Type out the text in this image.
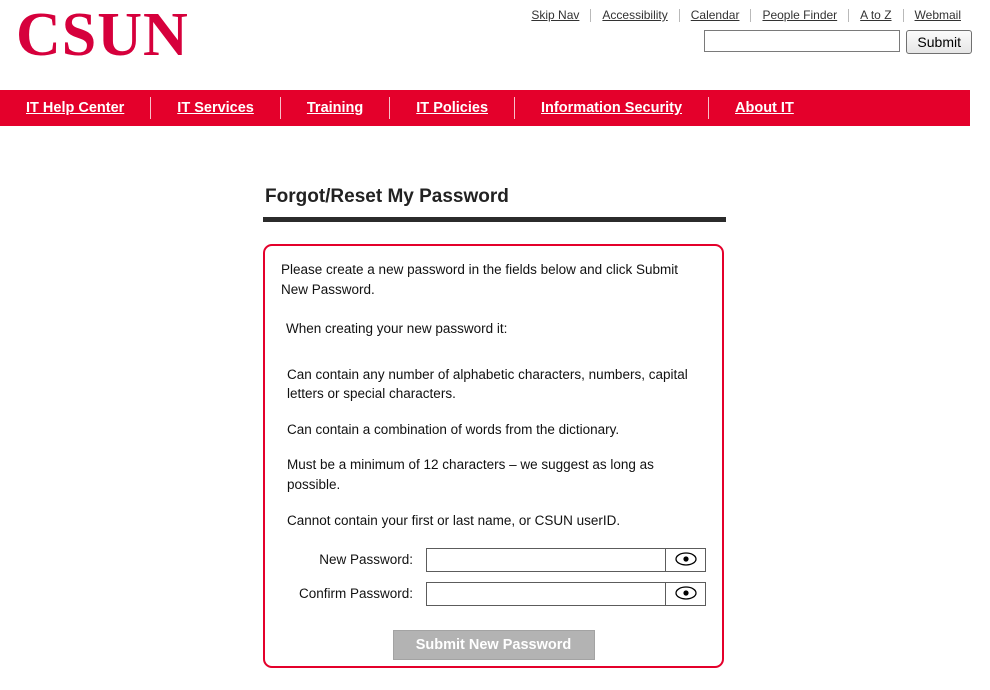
CSUN	Skip Nav	Accessibility	Calendar	People Finder	A to Z	Webmail
Submit
IT Help Center	IT Services	Training	IT Policies	Information Security	About IT
Forgot/Reset My Password

Please create a new password in the fields below and click Submit New Password.

When creating your new password it:

Can contain any number of alphabetic characters, numbers, capital letters or special characters.

Can contain a combination of words from the dictionary.

Must be a minimum of 12 characters – we suggest as long as possible.

Cannot contain your first or last name, or CSUN userID.

New Password:
Confirm Password:
Submit New Password
